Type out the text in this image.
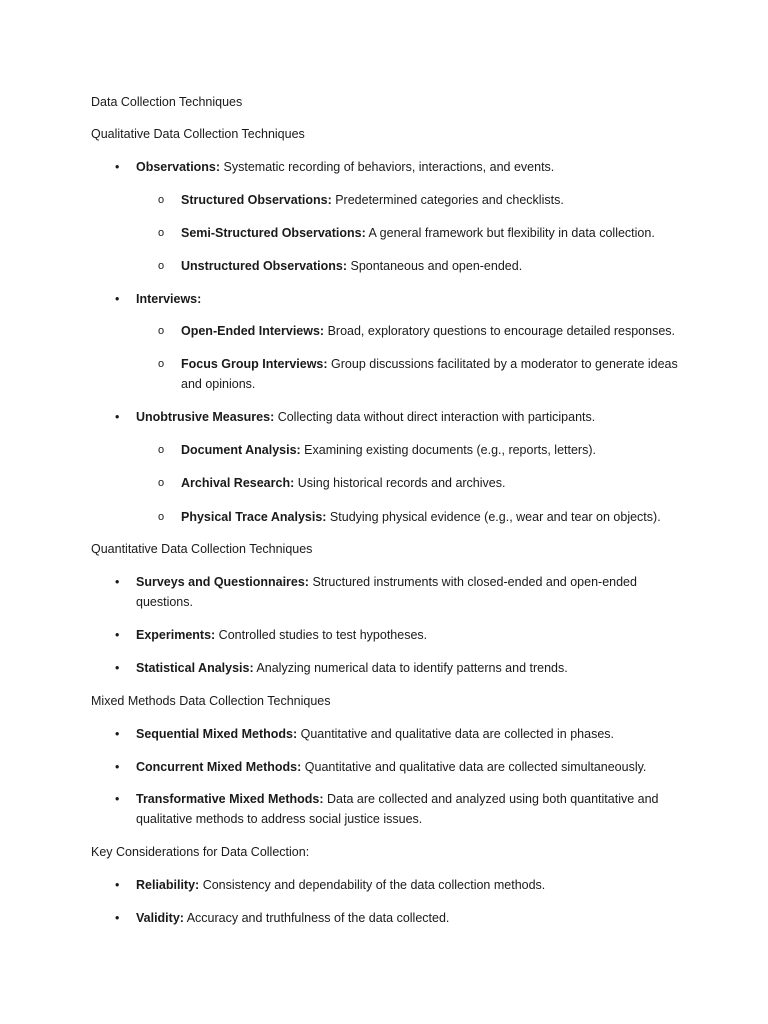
Data Collection Techniques
Qualitative Data Collection Techniques
• Observations: Systematic recording of behaviors, interactions, and events.
o Structured Observations: Predetermined categories and checklists.
o Semi-Structured Observations: A general framework but flexibility in data collection.
o Unstructured Observations: Spontaneous and open-ended.
• Interviews:
o Open-Ended Interviews: Broad, exploratory questions to encourage detailed responses.
o Focus Group Interviews: Group discussions facilitated by a moderator to generate ideas and opinions.
• Unobtrusive Measures: Collecting data without direct interaction with participants.
o Document Analysis: Examining existing documents (e.g., reports, letters).
o Archival Research: Using historical records and archives.
o Physical Trace Analysis: Studying physical evidence (e.g., wear and tear on objects).
Quantitative Data Collection Techniques
• Surveys and Questionnaires: Structured instruments with closed-ended and open-ended questions.
• Experiments: Controlled studies to test hypotheses.
• Statistical Analysis: Analyzing numerical data to identify patterns and trends.
Mixed Methods Data Collection Techniques
• Sequential Mixed Methods: Quantitative and qualitative data are collected in phases.
• Concurrent Mixed Methods: Quantitative and qualitative data are collected simultaneously.
• Transformative Mixed Methods: Data are collected and analyzed using both quantitative and qualitative methods to address social justice issues.
Key Considerations for Data Collection:
• Reliability: Consistency and dependability of the data collection methods.
• Validity: Accuracy and truthfulness of the data collected.
